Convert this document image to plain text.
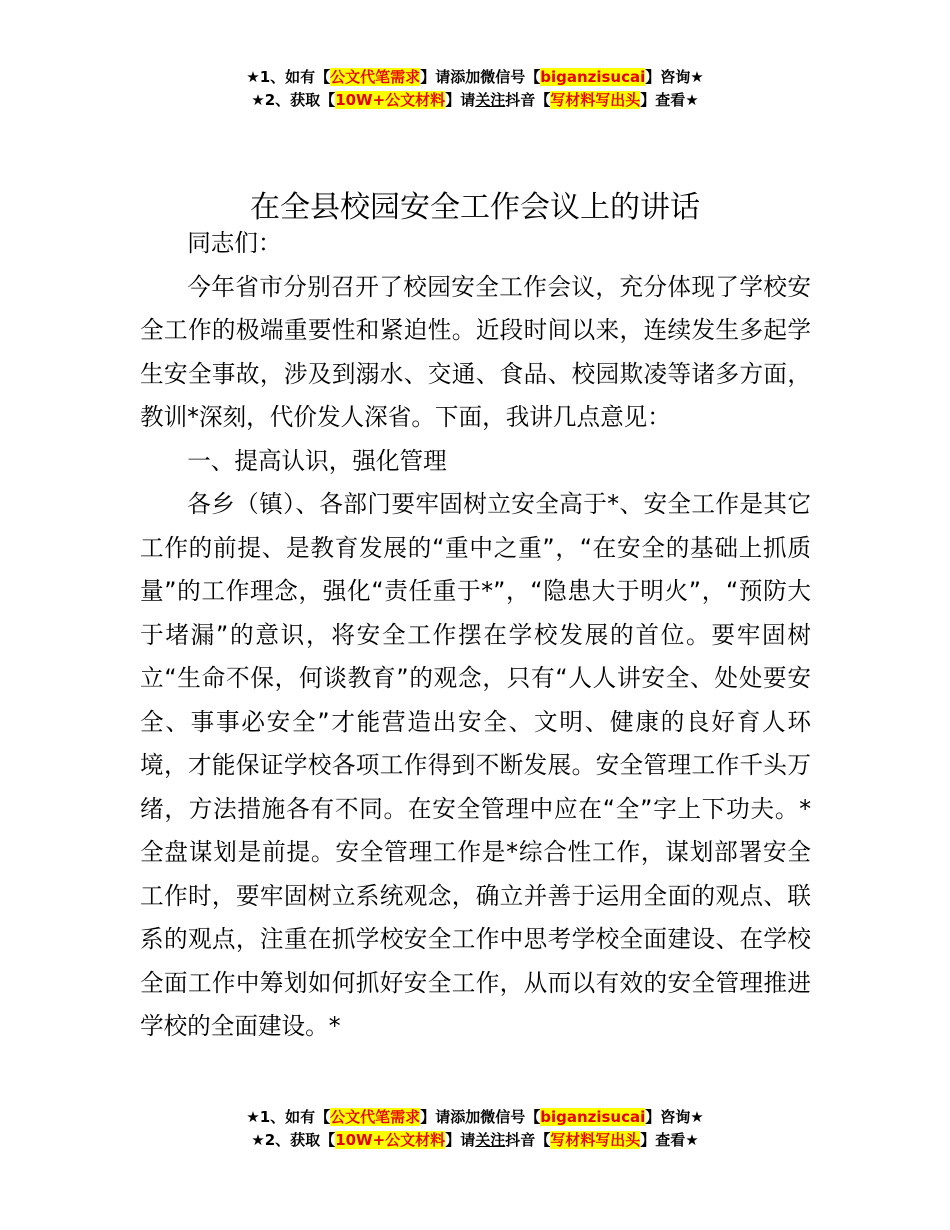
★1、如有【公文代笔需求】请添加微信号【biganzisucai】咨询★
★2、获取【10W+公文材料】请关注抖音【写材料写出头】查看★
在全县校园安全工作会议上的讲话

同志们：

今年省市分别召开了校园安全工作会议，充分体现了学校安全工作的极端重要性和紧迫性。近段时间以来，连续发生多起学生安全事故，涉及到溺水、交通、食品、校园欺凌等诸多方面，教训*深刻，代价发人深省。下面，我讲几点意见：

一、提高认识，强化管理

各乡（镇）、各部门要牢固树立安全高于*、安全工作是其它工作的前提、是教育发展的“重中之重”，“在安全的基础上抓质量”的工作理念，强化“责任重于*”，“隐患大于明火”，“预防大于堵漏”的意识，将安全工作摆在学校发展的首位。要牢固树立“生命不保，何谈教育”的观念，只有“人人讲安全、处处要安全、事事必安全”才能营造出安全、文明、健康的良好育人环境，才能保证学校各项工作得到不断发展。安全管理工作千头万绪，方法措施各有不同。在安全管理中应在“全”字上下功夫。*全盘谋划是前提。安全管理工作是*综合性工作，谋划部署安全工作时，要牢固树立系统观念，确立并善于运用全面的观点、联系的观点，注重在抓学校安全工作中思考学校全面建设、在学校全面工作中筹划如何抓好安全工作，从而以有效的安全管理推进学校的全面建设。*

★1、如有【公文代笔需求】请添加微信号【biganzisucai】咨询★
★2、获取【10W+公文材料】请关注抖音【写材料写出头】查看★
